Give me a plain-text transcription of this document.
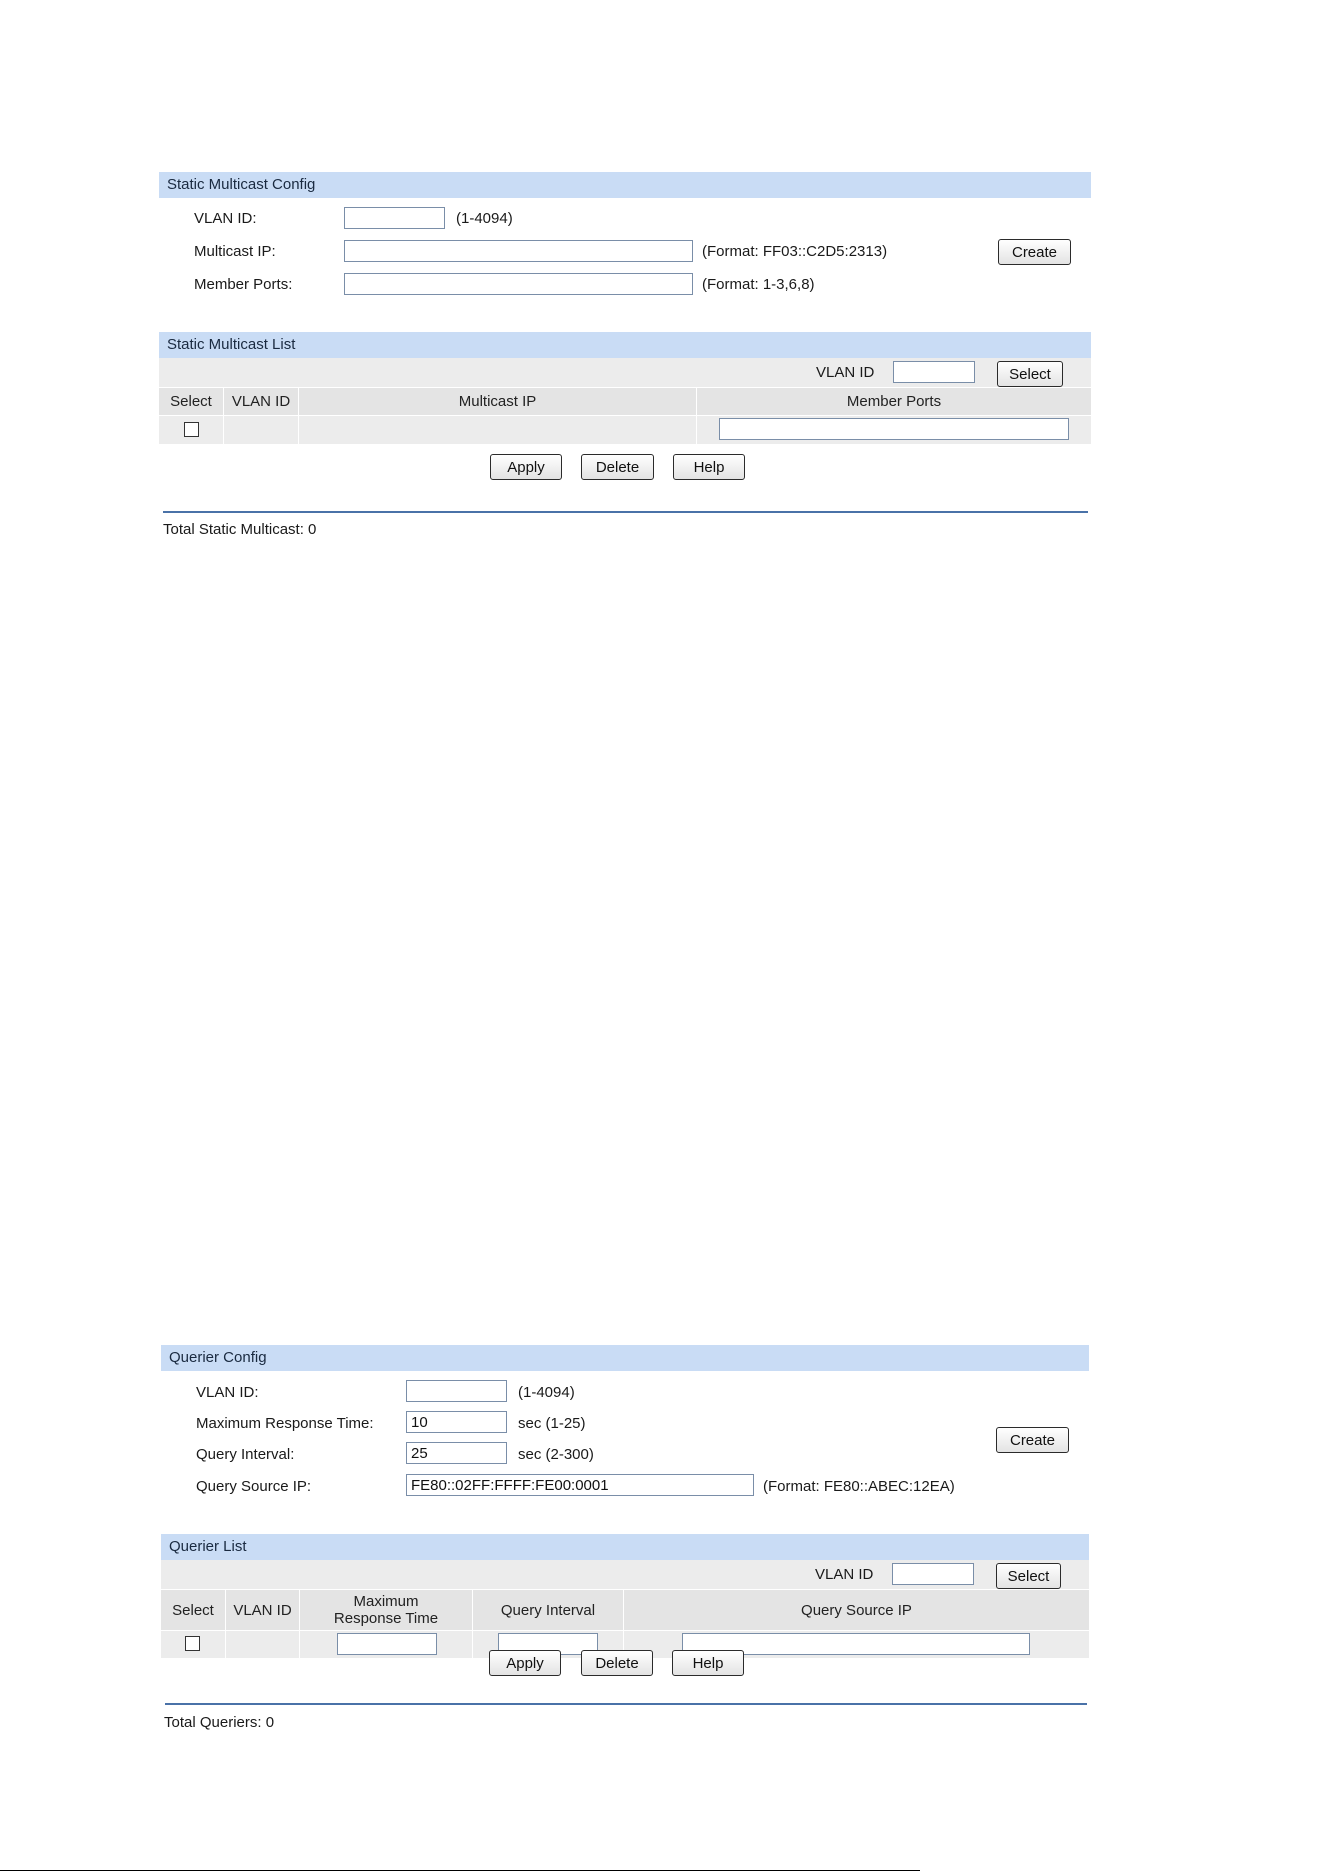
Static Multicast Config
VLAN ID:	(1-4094)
Multicast IP:	(Format: FF03::C2D5:2313)
Member Ports:	(Format: 1-3,6,8)
Create
Static Multicast List
VLAN ID	Select
Select	VLAN ID	Multicast IP	Member Ports
Apply	Delete	Help
Total Static Multicast: 0
Querier Config
VLAN ID:	(1-4094)
Maximum Response Time:
10	sec (1-25)
Query Interval:
25	sec (2-300)
Query Source IP:
FE80::02FF:FFFF:FE00:0001	(Format: FE80::ABEC:12EA)
Create
Querier List
VLAN ID	Select
Select	VLAN ID	Maximum Response Time	Query Interval	Query Source IP
Apply	Delete	Help
Total Queriers: 0
